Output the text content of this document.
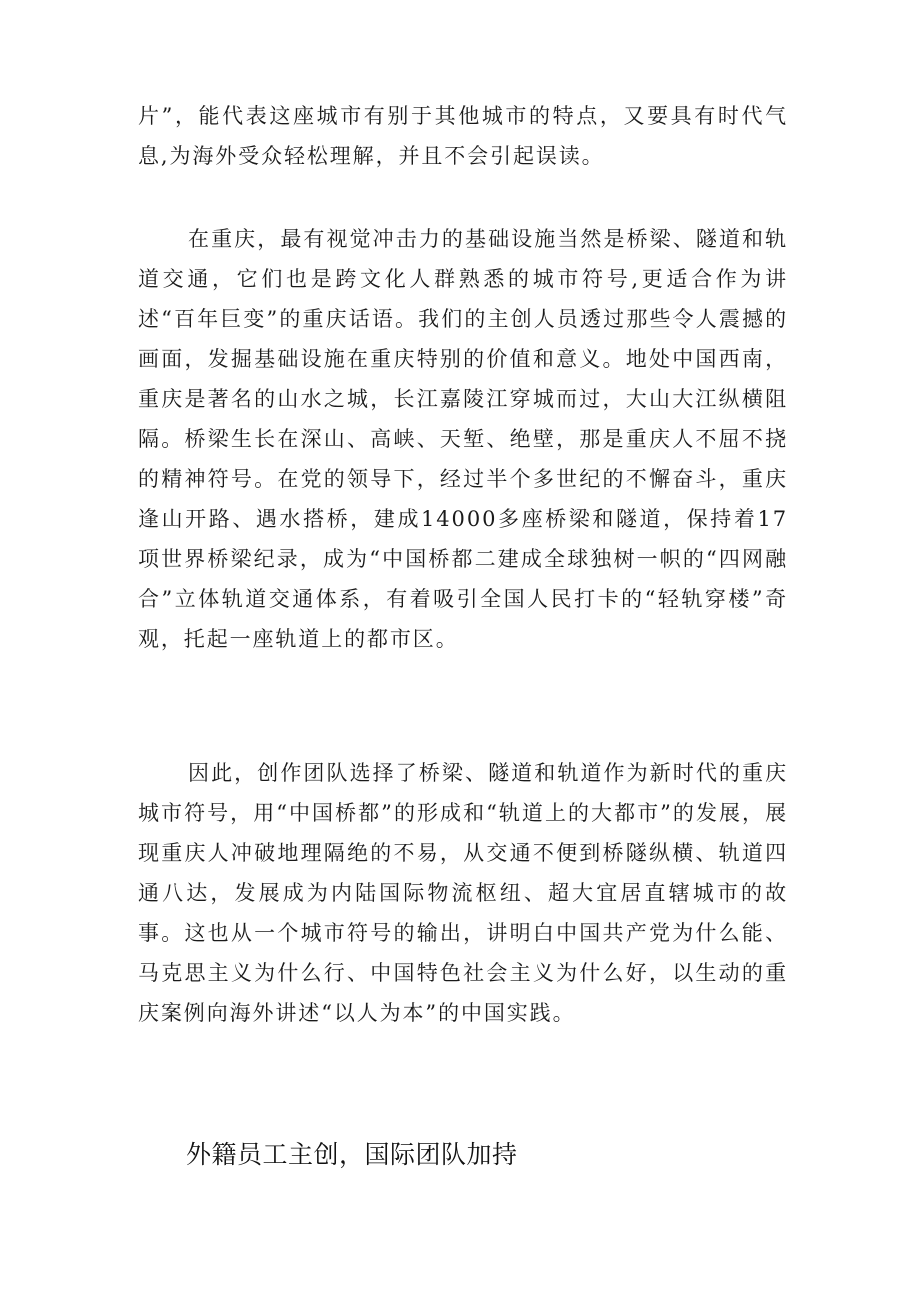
片”，能代表这座城市有别于其他城市的特点，又要具有时代气息,为海外受众轻松理解，并且不会引起误读。

在重庆，最有视觉冲击力的基础设施当然是桥梁、隧道和轨道交通，它们也是跨文化人群熟悉的城市符号,更适合作为讲述“百年巨变”的重庆话语。我们的主创人员透过那些令人震撼的画面，发掘基础设施在重庆特别的价值和意义。地处中国西南，重庆是著名的山水之城，长江嘉陵江穿城而过，大山大江纵横阻隔。桥梁生长在深山、高峡、天堑、绝壁，那是重庆人不屈不挠的精神符号。在党的领导下，经过半个多世纪的不懈奋斗，重庆逢山开路、遇水搭桥，建成14000多座桥梁和隧道，保持着17项世界桥梁纪录，成为“中国桥都二建成全球独树一帜的“四网融合”立体轨道交通体系，有着吸引全国人民打卡的“轻轨穿楼”奇观，托起一座轨道上的都市区。

因此，创作团队选择了桥梁、隧道和轨道作为新时代的重庆城市符号，用“中国桥都”的形成和“轨道上的大都市”的发展，展现重庆人冲破地理隔绝的不易，从交通不便到桥隧纵横、轨道四通八达，发展成为内陆国际物流枢纽、超大宜居直辖城市的故事。这也从一个城市符号的输出，讲明白中国共产党为什么能、马克思主义为什么行、中国特色社会主义为什么好，以生动的重庆案例向海外讲述“以人为本”的中国实践。

外籍员工主创，国际团队加持
